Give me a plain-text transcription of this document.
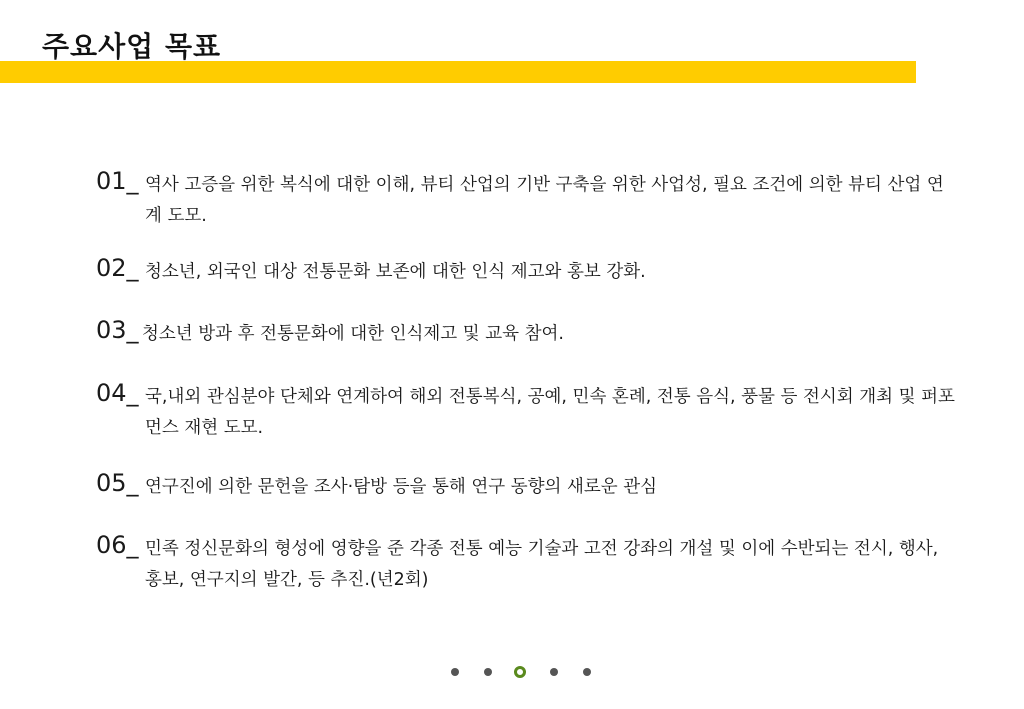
주요사업 목표
01_ 역사 고증을 위한 복식에 대한 이해, 뷰티 산업의 기반 구축을 위한 사업성, 필요 조건에 의한 뷰티 산업 연계 도모.
02_ 청소년, 외국인 대상 전통문화 보존에 대한 인식 제고와 홍보 강화.
03_ 청소년 방과 후 전통문화에 대한 인식제고 및 교육 참여.
04_ 국,내외 관심분야 단체와 연계하여 해외 전통복식, 공예, 민속 혼례, 전통 음식, 풍물 등 전시회 개최 및 퍼포먼스 재현 도모.
05_ 연구진에 의한 문헌을 조사·탐방 등을 통해 연구 동향의 새로운 관심
06_ 민족 정신문화의 형성에 영향을 준 각종 전통 예능 기술과 고전 강좌의 개설 및 이에 수반되는 전시, 행사, 홍보, 연구지의 발간, 등 추진.(년2회)
